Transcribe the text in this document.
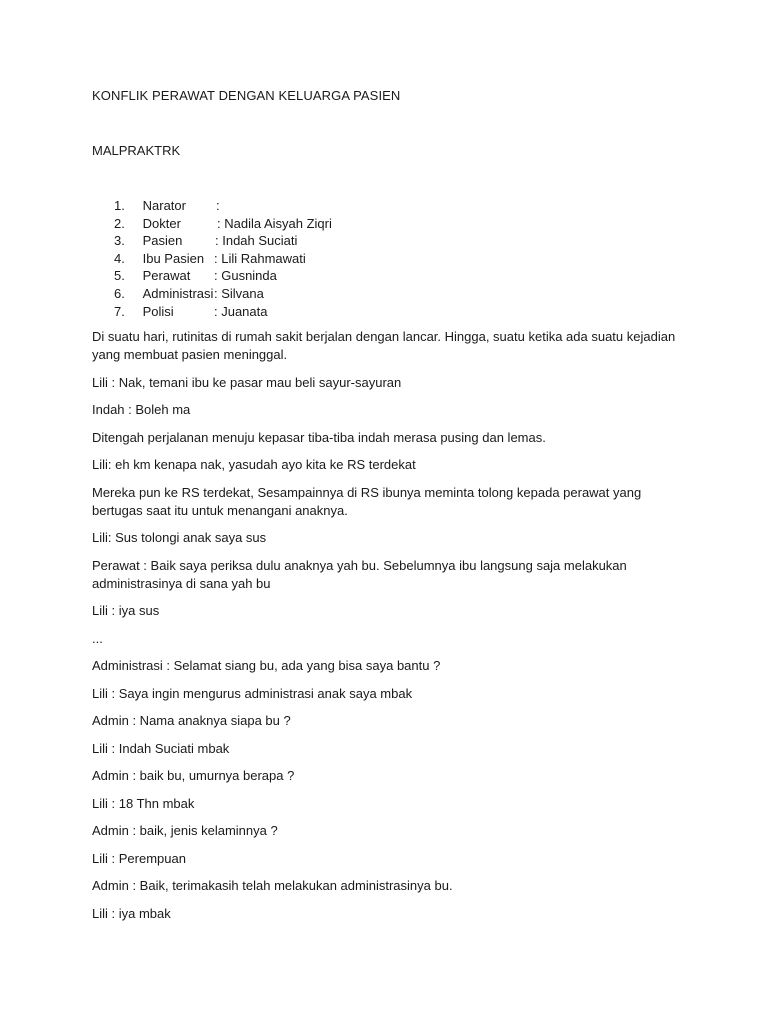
KONFLIK PERAWAT DENGAN KELUARGA PASIEN
MALPRAKTRK
1. Narator :
2. Dokter	: Nadila Aisyah Ziqri
3. Pasien	: Indah Suciati
4. Ibu Pasien : Lili Rahmawati
5. Perawat : Gusninda
6. Administrasi : Silvana
7. Polisi	: Juanata

Di suatu hari, rutinitas di rumah sakit berjalan dengan lancar. Hingga, suatu ketika ada suatu kejadian yang membuat pasien meninggal.

Lili : Nak, temani ibu ke pasar mau beli sayur-sayuran

Indah : Boleh ma

Ditengah perjalanan menuju kepasar tiba-tiba indah merasa pusing dan lemas.

Lili: eh km kenapa nak, yasudah ayo kita ke RS terdekat

Mereka pun ke RS terdekat, Sesampainnya di RS ibunya meminta tolong kepada perawat yang bertugas saat itu untuk menangani anaknya.

Lili: Sus tolongi anak saya sus

Perawat : Baik saya periksa dulu anaknya yah bu. Sebelumnya ibu langsung saja melakukan administrasinya di sana yah bu

Lili : iya sus

...

Administrasi : Selamat siang bu, ada yang bisa saya bantu ?

Lili : Saya ingin mengurus administrasi anak saya mbak

Admin : Nama anaknya siapa bu ?

Lili : Indah Suciati mbak

Admin : baik bu, umurnya berapa ?

Lili : 18 Thn mbak

Admin : baik, jenis kelaminnya ?

Lili : Perempuan

Admin : Baik, terimakasih telah melakukan administrasinya bu.

Lili : iya mbak
